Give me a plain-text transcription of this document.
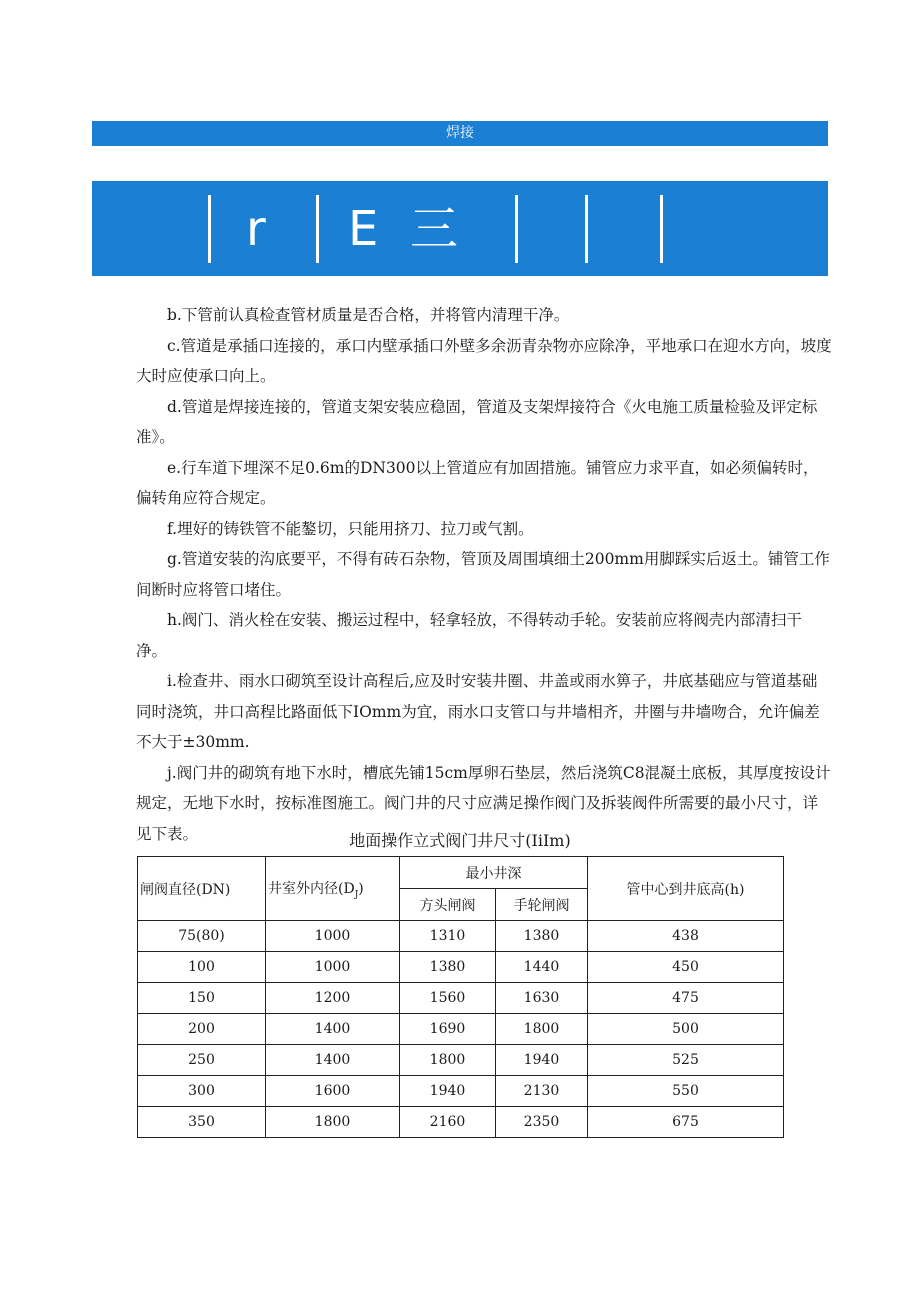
焊接
r E 三

b.下管前认真检查管材质量是否合格，并将管内清理干净。

c.管道是承插口连接的，承口内壁承插口外壁多余沥青杂物亦应除净，平地承口在迎水方向，坡度大时应使承口向上。

d.管道是焊接连接的，管道支架安装应稳固，管道及支架焊接符合《火电施工质量检验及评定标准》。

e.行车道下埋深不足0.6m的DN300以上管道应有加固措施。铺管应力求平直，如必须偏转时，偏转角应符合规定。

f.埋好的铸铁管不能鏊切，只能用挤刀、拉刀或气割。

g.管道安装的沟底要平，不得有砖石杂物，管顶及周围填细土200mm用脚踩实后返土。铺管工作间断时应将管口堵住。

h.阀门、消火栓在安装、搬运过程中，轻拿轻放，不得转动手轮。安装前应将阀壳内部清扫干净。

i.检查井、雨水口砌筑至设计高程后,应及时安装井圈、井盖或雨水箅子，井底基础应与管道基础同时浇筑，井口高程比路面低下IOmm为宜，雨水口支管口与井墙相齐，井圈与井墙吻合，允许偏差不大于±30mm.

j.阀门井的砌筑有地下水时，槽底先铺15cm厚卵石垫层，然后浇筑C8混凝土底板，其厚度按设计规定，无地下水时，按标准图施工。阀门井的尺寸应满足操作阀门及拆装阀件所需要的最小尺寸，详见下表。	地面操作立式阀门井尺寸(IiIm)
闸阀直径(DN)	井室外内径$(D_J)$	最小井深		管中心到井底高(h)
		方头闸阀	手轮闸阀	
75(80)	1000	1310	1380	438
100	1000	1380	1440	450
150	1200	1560	1630	475
200	1400	1690	1800	500
250	1400	1800	1940	525
300	1600	1940	2130	550
350	1800	2160	2350	675
